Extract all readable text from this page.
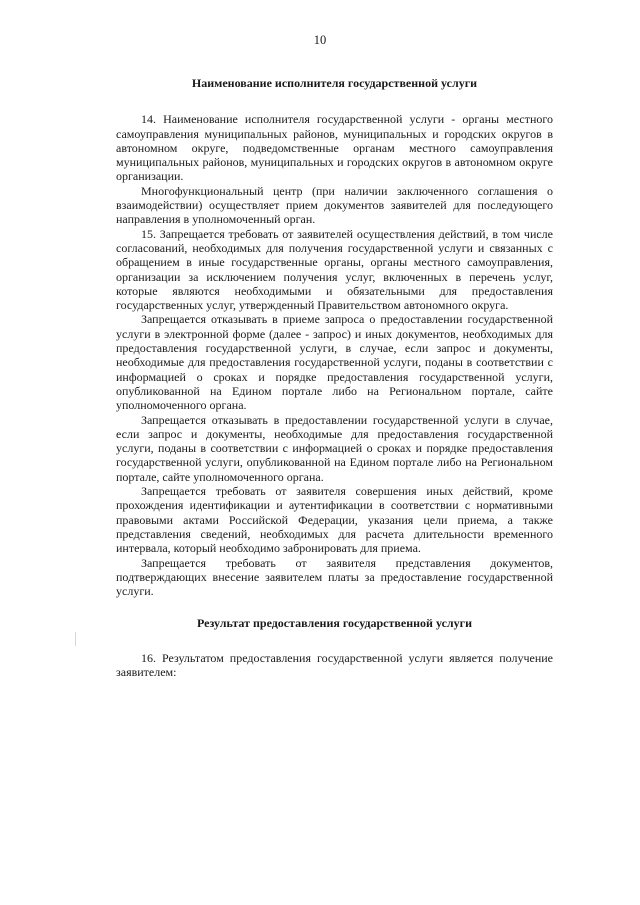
10
Наименование исполнителя государственной услуги

14. Наименование исполнителя государственной услуги - органы местного самоуправления муниципальных районов, муниципальных и городских округов в автономном округе, подведомственные органам местного самоуправления муниципальных районов, муниципальных и городских округов в автономном округе организации.

Многофункциональный центр (при наличии заключенного соглашения о взаимодействии) осуществляет прием документов заявителей для последующего направления в уполномоченный орган.

15. Запрещается требовать от заявителей осуществления действий, в том числе согласований, необходимых для получения государственной услуги и связанных с обращением в иные государственные органы, органы местного самоуправления, организации за исключением получения услуг, включенных в перечень услуг, которые являются необходимыми и обязательными для предоставления государственных услуг, утвержденный Правительством автономного округа.

Запрещается отказывать в приеме запроса о предоставлении государственной услуги в электронной форме (далее - запрос) и иных документов, необходимых для предоставления государственной услуги, в случае, если запрос и документы, необходимые для предоставления государственной услуги, поданы в соответствии с информацией о сроках и порядке предоставления государственной услуги, опубликованной на Едином портале либо на Региональном портале, сайте уполномоченного органа.

Запрещается отказывать в предоставлении государственной услуги в случае, если запрос и документы, необходимые для предоставления государственной услуги, поданы в соответствии с информацией о сроках и порядке предоставления государственной услуги, опубликованной на Едином портале либо на Региональном портале, сайте уполномоченного органа.

Запрещается требовать от заявителя совершения иных действий, кроме прохождения идентификации и аутентификации в соответствии с нормативными правовыми актами Российской Федерации, указания цели приема, а также представления сведений, необходимых для расчета длительности временного интервала, который необходимо забронировать для приема.

Запрещается требовать от заявителя представления документов, подтверждающих внесение заявителем платы за предоставление государственной услуги.

Результат предоставления государственной услуги

16. Результатом предоставления государственной услуги является получение заявителем:
